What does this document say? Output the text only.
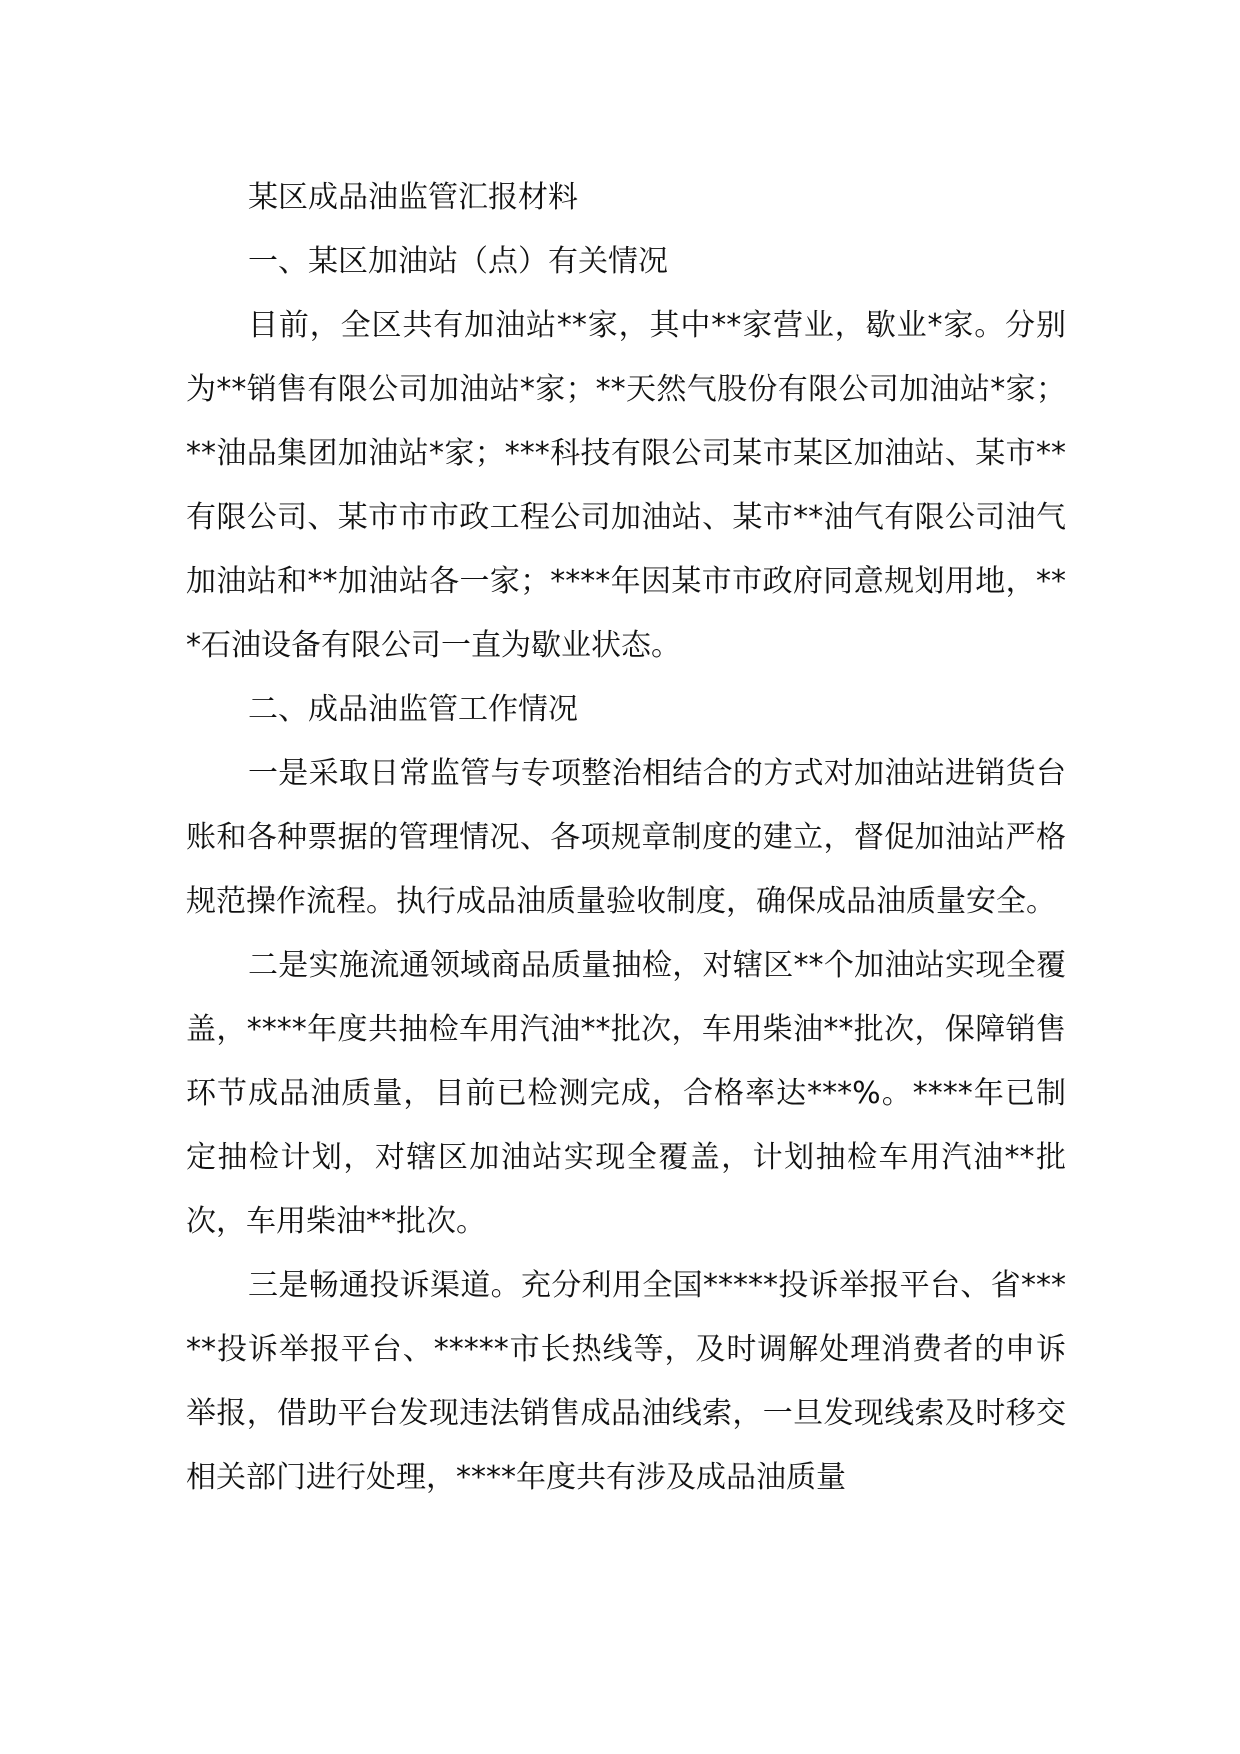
某区成品油监管汇报材料

一、某区加油站（点）有关情况

目前，全区共有加油站**家，其中**家营业，歇业*家。分别为**销售有限公司加油站*家；**天然气股份有限公司加油站*家；**油品集团加油站*家；***科技有限公司某市某区加油站、某市**有限公司、某市市市政工程公司加油站、某市**油气有限公司油气加油站和**加油站各一家；****年因某市市政府同意规划用地，***石油设备有限公司一直为歇业状态。

二、成品油监管工作情况

一是采取日常监管与专项整治相结合的方式对加油站进销货台账和各种票据的管理情况、各项规章制度的建立，督促加油站严格规范操作流程。执行成品油质量验收制度，确保成品油质量安全。

二是实施流通领域商品质量抽检，对辖区**个加油站实现全覆盖，****年度共抽检车用汽油**批次，车用柴油**批次，保障销售环节成品油质量，目前已检测完成，合格率达***%。****年已制定抽检计划，对辖区加油站实现全覆盖，计划抽检车用汽油**批次，车用柴油**批次。

三是畅通投诉渠道。充分利用全国*****投诉举报平台、省*****投诉举报平台、*****市长热线等，及时调解处理消费者的申诉举报，借助平台发现违法销售成品油线索，一旦发现线索及时移交相关部门进行处理，****年度共有涉及成品油质量
